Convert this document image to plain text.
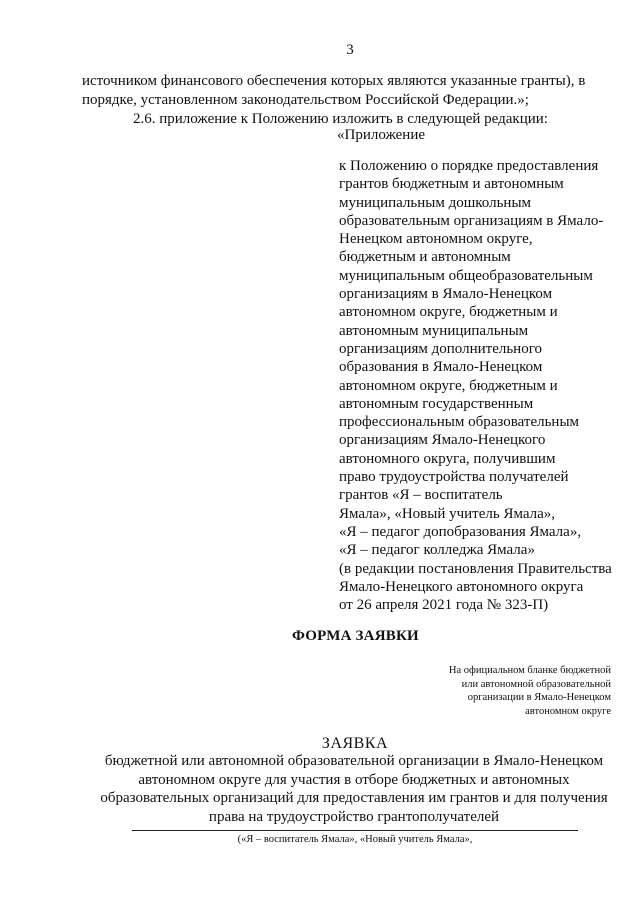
3
источником финансового обеспечения которых являются указанные гранты), в
порядке, установленном законодательством Российской Федерации.»;
2.6. приложение к Положению изложить в следующей редакции:
«Приложение
к Положению о порядке предоставления
грантов бюджетным и автономным
муниципальным дошкольным
образовательным организациям в Ямало-
Ненецком автономном округе,
бюджетным и автономным
муниципальным общеобразовательным
организациям в Ямало-Ненецком
автономном округе, бюджетным и
автономным муниципальным
организациям дополнительного
образования в Ямало-Ненецком
автономном округе, бюджетным и
автономным государственным
профессиональным образовательным
организациям Ямало-Ненецкого
автономного округа, получившим
право трудоустройства получателей
грантов «Я – воспитатель
Ямала», «Новый учитель Ямала»,
«Я – педагог допобразования Ямала»,
«Я – педагог колледжа Ямала»
(в редакции постановления Правительства
Ямало-Ненецкого автономного округа
от 26 апреля 2021 года № 323-П)
ФОРМА ЗАЯВКИ
На официальном бланке бюджетной
или автономной образовательной
организации в Ямало-Ненецком
автономном округе
ЗАЯВКА
бюджетной или автономной образовательной организации в Ямало-Ненецком
автономном округе для участия в отборе бюджетных и автономных
образовательных организаций для предоставления им грантов и для получения
права на трудоустройство грантополучателей
(«Я – воспитатель Ямала», «Новый учитель Ямала»,
